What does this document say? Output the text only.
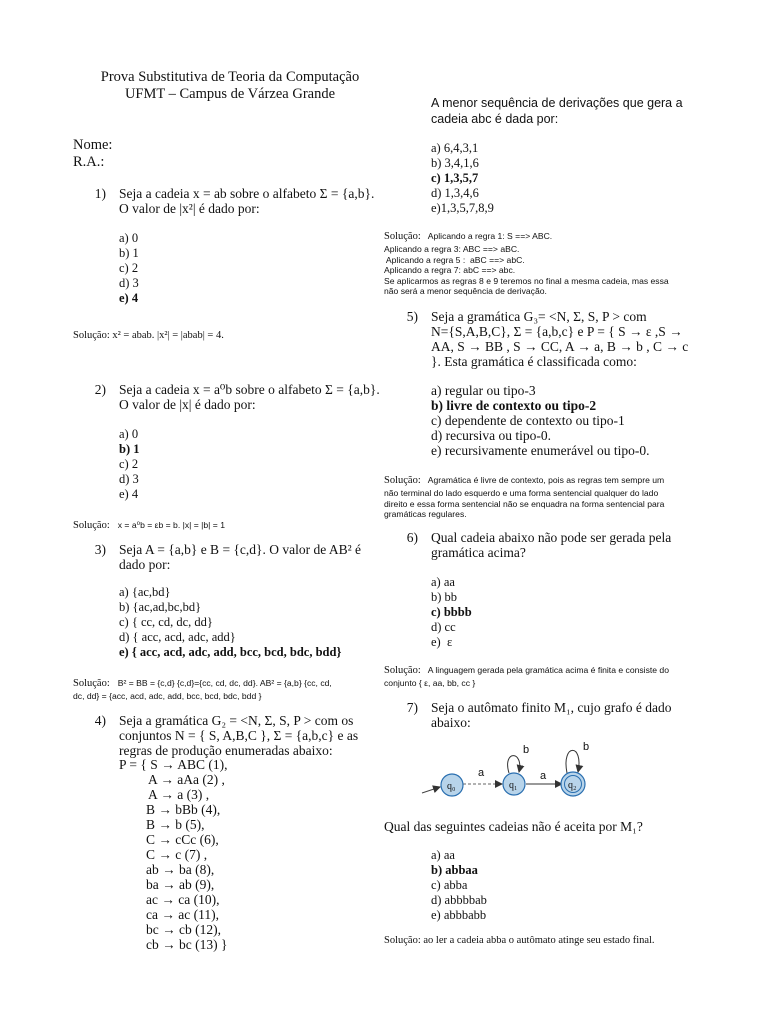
Prova Substitutiva de Teoria da Computação
UFMT – Campus de Várzea Grande
Nome:
R.A.:
1) Seja a cadeia x = ab sobre o alfabeto Σ = {a,b}.
O valor de |x²| é dado por:
a) 0
b) 1
c) 2
d) 3
e) 4
Solução: x² = abab. |x²| = |abab| = 4.
2) Seja a cadeia x = a⁰b sobre o alfabeto Σ = {a,b}.
O valor de |x| é dado por:
a) 0
b) 1
c) 2
d) 3
e) 4
Solução: x = a⁰b = εb = b. |x| = |b| = 1
3) Seja A = {a,b} e B = {c,d}. O valor de AB² é
dado por:
a) {ac,bd}
b) {ac,ad,bc,bd}
c) { cc, cd, dc, dd}
d) { acc, acd, adc, add}
e) { acc, acd, adc, add, bcc, bcd, bdc, bdd}
Solução: B² = BB = {c,d} {c,d}={cc, cd, dc, dd}. AB² = {a,b} {cc, cd,
dc, dd} = {acc, acd, adc, add, bcc, bcd, bdc, bdd }
4) Seja a gramática G₂ = <N, Σ, S, P > com os
conjuntos N = { S, A,B,C }, Σ = {a,b,c} e as
regras de produção enumeradas abaixo:
P = { S → ABC (1),
A → aAa (2) ,
A → a (3) ,
B → bBb (4),
B → b (5),
C → cCc (6),
C → c (7) ,
ab → ba (8),
ba → ab (9),
ac → ca (10),
ca → ac (11),
bc → cb (12),
cb → bc (13) }
A menor sequência de derivações que gera a
cadeia abc é dada por:
a) 6,4,3,1
b) 3,4,1,6
c) 1,3,5,7
d) 1,3,4,6
e)1,3,5,7,8,9
Solução: Aplicando a regra 1: S ==> ABC.
Aplicando a regra 3: ABC ==> aBC.
Aplicando a regra 5 :  aBC ==> abC.
Aplicando a regra 7: abC ==> abc.
Se aplicarmos as regras 8 e 9 teremos no final a mesma cadeia, mas essa
não será a menor sequência de derivação.
5) Seja a gramática G₃= <N, Σ, S, P > com
N={S,A,B,C}, Σ = {a,b,c} e P = { S → ε ,S →
AA, S → BB , S → CC, A → a, B → b , C → c
}. Esta gramática é classificada como:
a) regular ou tipo-3
b) livre de contexto ou tipo-2
c) dependente de contexto ou tipo-1
d) recursiva ou tipo-0.
e) recursivamente enumerável ou tipo-0.
Solução: Agramática é livre de contexto, pois as regras tem sempre um
não terminal do lado esquerdo e uma forma sentencial qualquer do lado
direito e essa forma sentencial não se enquadra na forma sentencial para
gramáticas regulares.
6) Qual cadeia abaixo não pode ser gerada pela
gramática acima?
a) aa
b) bb
c) bbbb
d) cc
e)  ε
Solução: A linguagem gerada pela gramática acima é finita e consiste do
conjunto { ε, aa, bb, cc }
7) Seja o autômato finito M₁, cujo grafo é dado
abaixo:
q₀	q₁	q₂
a	a
b	b
Qual das seguintes cadeias não é aceita por M₁?
a) aa
b) abbaa
c) abba
d) abbbbab
e) abbbabb
Solução: ao ler a cadeia abba o autômato atinge seu estado final.
